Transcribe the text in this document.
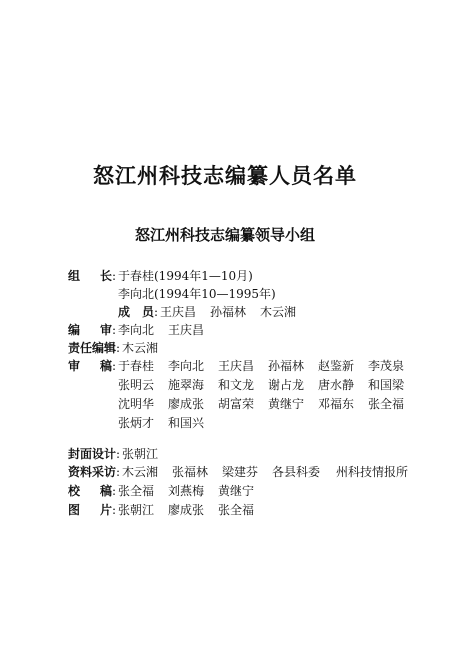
怒江州科技志编纂人员名单
怒江州科技志编纂领导小组
组 长: 于春桂(1994年1—10月)
李向北(1994年10—1995年)
成 员: 王庆昌 孙福林 木云湘
编 审: 李向北 王庆昌
责任编辑: 木云湘
审 稿: 于春桂 李向北 王庆昌 孙福林 赵鉴新 李茂泉
张明云 施翠海 和文龙 谢占龙 唐水静 和国梁
沈明华 廖成张 胡富荣 黄继宁 邓福东 张全福
张炳才 和国兴
封面设计: 张朝江
资料采访: 木云湘 张福林 梁建芬 各县科委 州科技情报所
校 稿: 张全福 刘燕梅 黄继宁
图 片: 张朝江 廖成张 张全福
